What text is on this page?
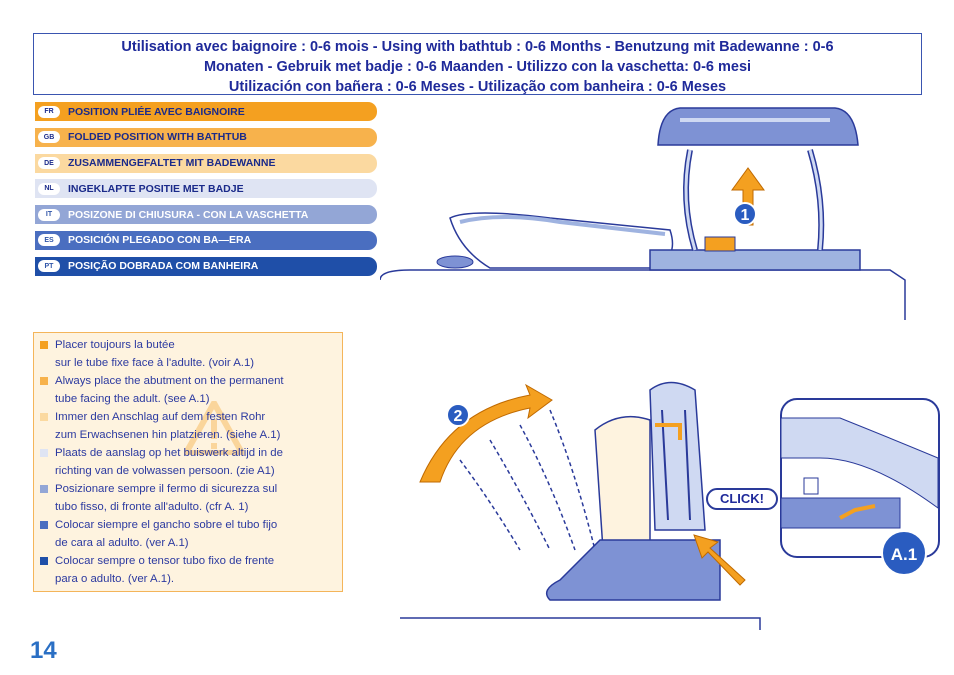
Utilisation avec baignoire : 0-6 mois - Using with bathtub : 0-6 Months - Benutzung mit Badewanne : 0-6
Monaten - Gebruik met badje : 0-6 Maanden - Utilizzo con la vaschetta: 0-6 mesi
Utilización con bañera : 0-6 Meses - Utilização com banheira : 0-6 Meses
FR	POSITION PLIÉE AVEC BAIGNOIRE
GB	FOLDED POSITION WITH BATHTUB
DE	ZUSAMMENGEFALTET MIT BADEWANNE
NL	INGEKLAPTE POSITIE MET BADJE
IT	POSIZONE DI CHIUSURA - CON LA VASCHETTA
ES	POSICIÓN PLEGADO CON BA—ERA
PT	POSIÇÃO DOBRADA COM BANHEIRA
Placer toujours la butée
sur le tube fixe face à l'adulte. (voir A.1)
Always place the abutment on the permanent
tube facing the adult. (see A.1)
Immer den Anschlag auf dem festen Rohr
zum Erwachsenen hin platzieren. (siehe A.1)
Plaats de aanslag op het buiswerk altijd in de
richting van de volwassen persoon. (zie A1)
Posizionare sempre il fermo di sicurezza sul
tubo fisso, di fronte all'adulto. (cfr A. 1)
Colocar siempre el gancho sobre el tubo fijo
de cara al adulto. (ver A.1)
Colocar sempre o tensor tubo fixo de frente
para o adulto. (ver A.1).
1
2
CLICK!
A.1
14
